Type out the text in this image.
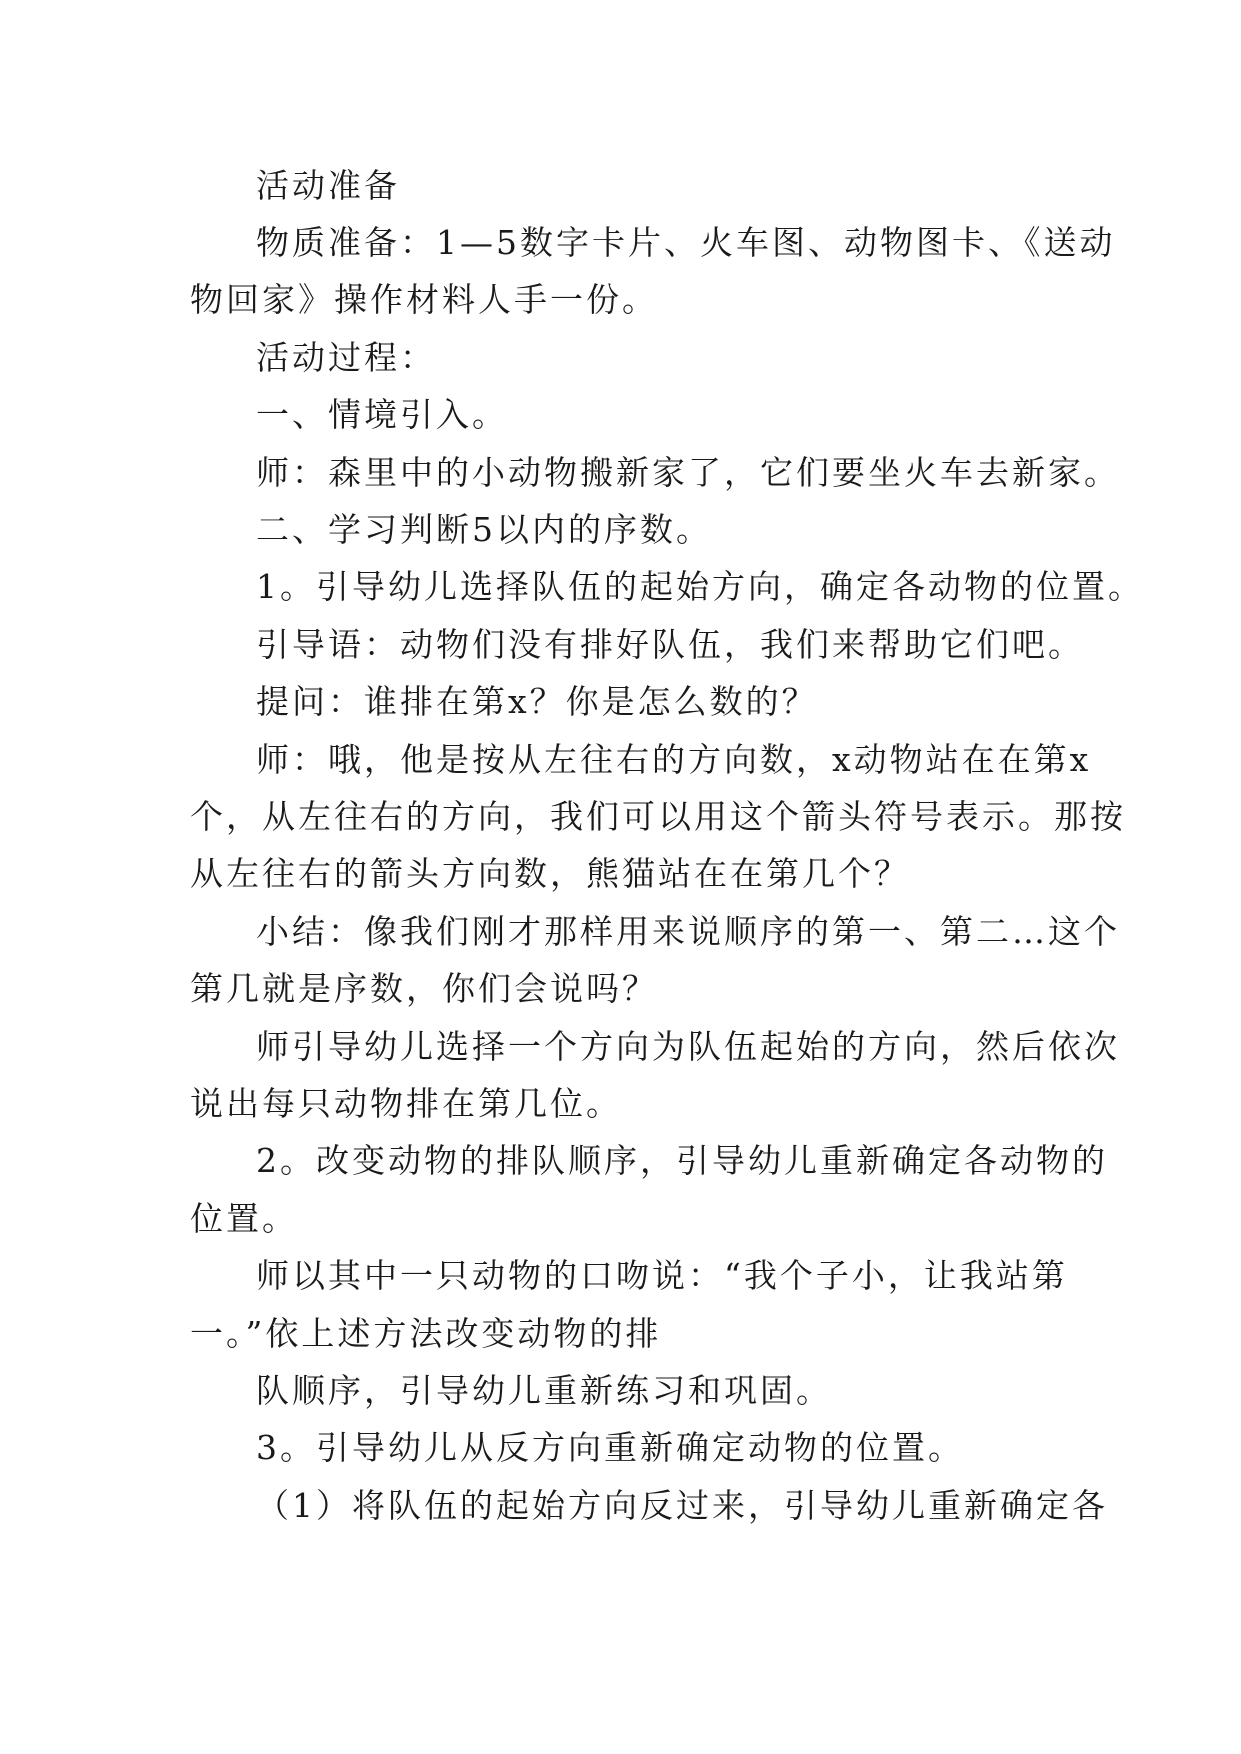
活动准备
物质准备：1—5数字卡片、火车图、动物图卡、《送动
物回家》操作材料人手一份。
活动过程：
一、情境引入。
师：森里中的小动物搬新家了，它们要坐火车去新家。
二、学习判断5以内的序数。
1。引导幼儿选择队伍的起始方向，确定各动物的位置。
引导语：动物们没有排好队伍，我们来帮助它们吧。
提问：谁排在第x？你是怎么数的？
师：哦，他是按从左往右的方向数，x动物站在在第x
个，从左往右的方向，我们可以用这个箭头符号表示。那按
从左往右的箭头方向数，熊猫站在在第几个？
小结：像我们刚才那样用来说顺序的第一、第二…这个
第几就是序数，你们会说吗？
师引导幼儿选择一个方向为队伍起始的方向，然后依次
说出每只动物排在第几位。
2。改变动物的排队顺序，引导幼儿重新确定各动物的
位置。
师以其中一只动物的口吻说：“我个子小，让我站第
一。”依上述方法改变动物的排
队顺序，引导幼儿重新练习和巩固。
3。引导幼儿从反方向重新确定动物的位置。
（1）将队伍的起始方向反过来，引导幼儿重新确定各
